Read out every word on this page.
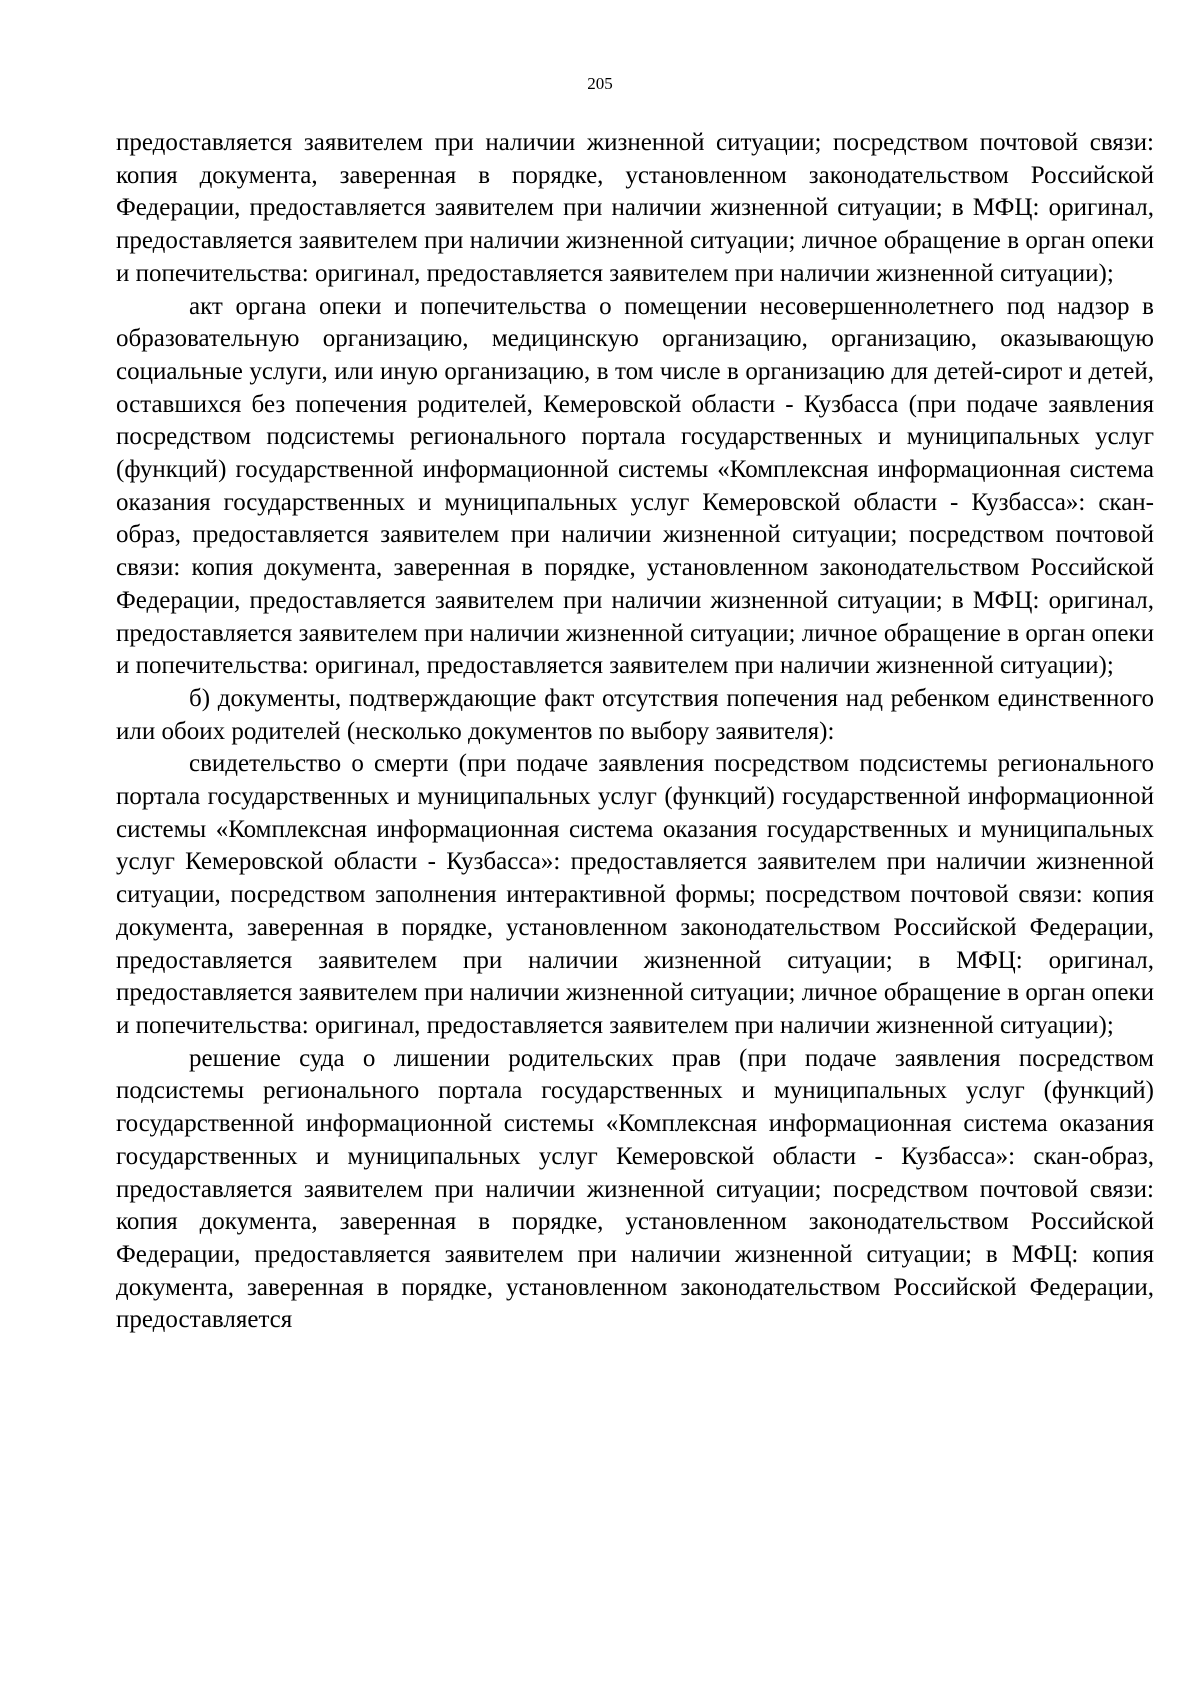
205

предоставляется заявителем при наличии жизненной ситуации; посредством почтовой связи: копия документа, заверенная в порядке, установленном законодательством Российской Федерации, предоставляется заявителем при наличии жизненной ситуации; в МФЦ: оригинал, предоставляется заявителем при наличии жизненной ситуации; личное обращение в орган опеки и попечительства: оригинал, предоставляется заявителем при наличии жизненной ситуации);

акт органа опеки и попечительства о помещении несовершеннолетнего под надзор в образовательную организацию, медицинскую организацию, организацию, оказывающую социальные услуги, или иную организацию, в том числе в организацию для детей-сирот и детей, оставшихся без попечения родителей, Кемеровской области - Кузбасса (при подаче заявления посредством подсистемы регионального портала государственных и муниципальных услуг (функций) государственной информационной системы «Комплексная информационная система оказания государственных и муниципальных услуг Кемеровской области - Кузбасса»: скан-образ, предоставляется заявителем при наличии жизненной ситуации; посредством почтовой связи: копия документа, заверенная в порядке, установленном законодательством Российской Федерации, предоставляется заявителем при наличии жизненной ситуации; в МФЦ: оригинал, предоставляется заявителем при наличии жизненной ситуации; личное обращение в орган опеки и попечительства: оригинал, предоставляется заявителем при наличии жизненной ситуации);

б) документы, подтверждающие факт отсутствия попечения над ребенком единственного или обоих родителей (несколько документов по выбору заявителя):

свидетельство о смерти (при подаче заявления посредством подсистемы регионального портала государственных и муниципальных услуг (функций) государственной информационной системы «Комплексная информационная система оказания государственных и муниципальных услуг Кемеровской области - Кузбасса»: предоставляется заявителем при наличии жизненной ситуации, посредством заполнения интерактивной формы; посредством почтовой связи: копия документа, заверенная в порядке, установленном законодательством Российской Федерации, предоставляется заявителем при наличии жизненной ситуации; в МФЦ: оригинал, предоставляется заявителем при наличии жизненной ситуации; личное обращение в орган опеки и попечительства: оригинал, предоставляется заявителем при наличии жизненной ситуации);

решение суда о лишении родительских прав (при подаче заявления посредством подсистемы регионального портала государственных и муниципальных услуг (функций) государственной информационной системы «Комплексная информационная система оказания государственных и муниципальных услуг Кемеровской области - Кузбасса»: скан-образ, предоставляется заявителем при наличии жизненной ситуации; посредством почтовой связи: копия документа, заверенная в порядке, установленном законодательством Российской Федерации, предоставляется заявителем при наличии жизненной ситуации; в МФЦ: копия документа, заверенная в порядке, установленном законодательством Российской Федерации, предоставляется
